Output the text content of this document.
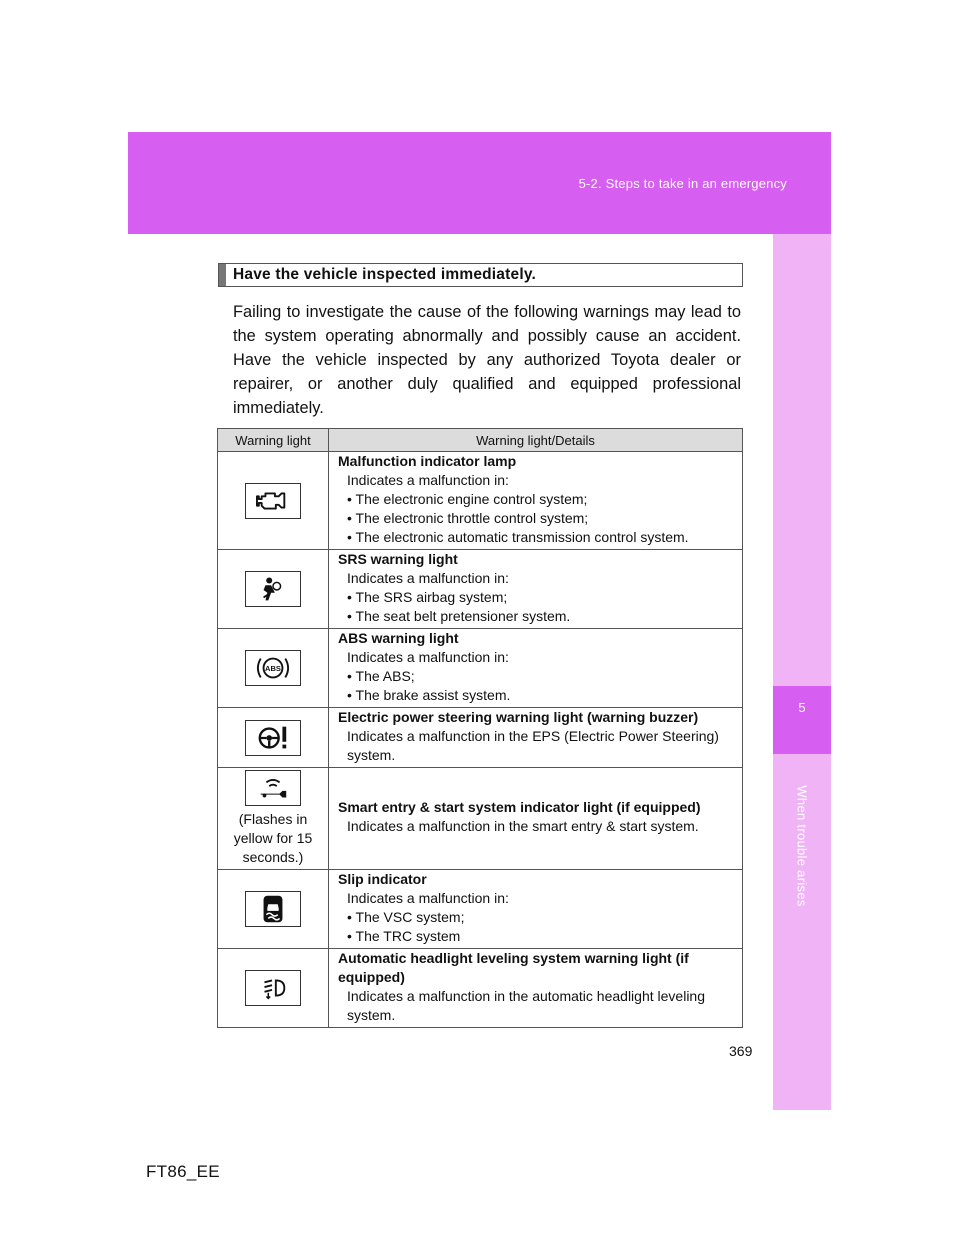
5-2. Steps to take in an emergency
5
When trouble arises
Have the vehicle inspected immediately.

Failing to investigate the cause of the following warnings may lead to the system operating abnormally and possibly cause an accident. Have the vehicle inspected by any authorized Toyota dealer or repairer, or another duly qualified and equipped professional immediately.

Warning light	Warning light/Details

Malfunction indicator lamp
Indicates a malfunction in:
• The electronic engine control system;
• The electronic throttle control system;
• The electronic automatic transmission control system.

SRS warning light
Indicates a malfunction in:
• The SRS airbag system;
• The seat belt pretensioner system.

ABS	ABS warning light
Indicates a malfunction in:
• The ABS;
• The brake assist system.

Electric power steering warning light (warning buzzer)
Indicates a malfunction in the EPS (Electric Power Steering) system.

(Flashes in yellow for 15 seconds.)	Smart entry & start system indicator light (if equipped)
Indicates a malfunction in the smart entry & start system.

Slip indicator
Indicates a malfunction in:
• The VSC system;
• The TRC system

Automatic headlight leveling system warning light (if equipped)
Indicates a malfunction in the automatic headlight leveling system.
369
FT86_EE
